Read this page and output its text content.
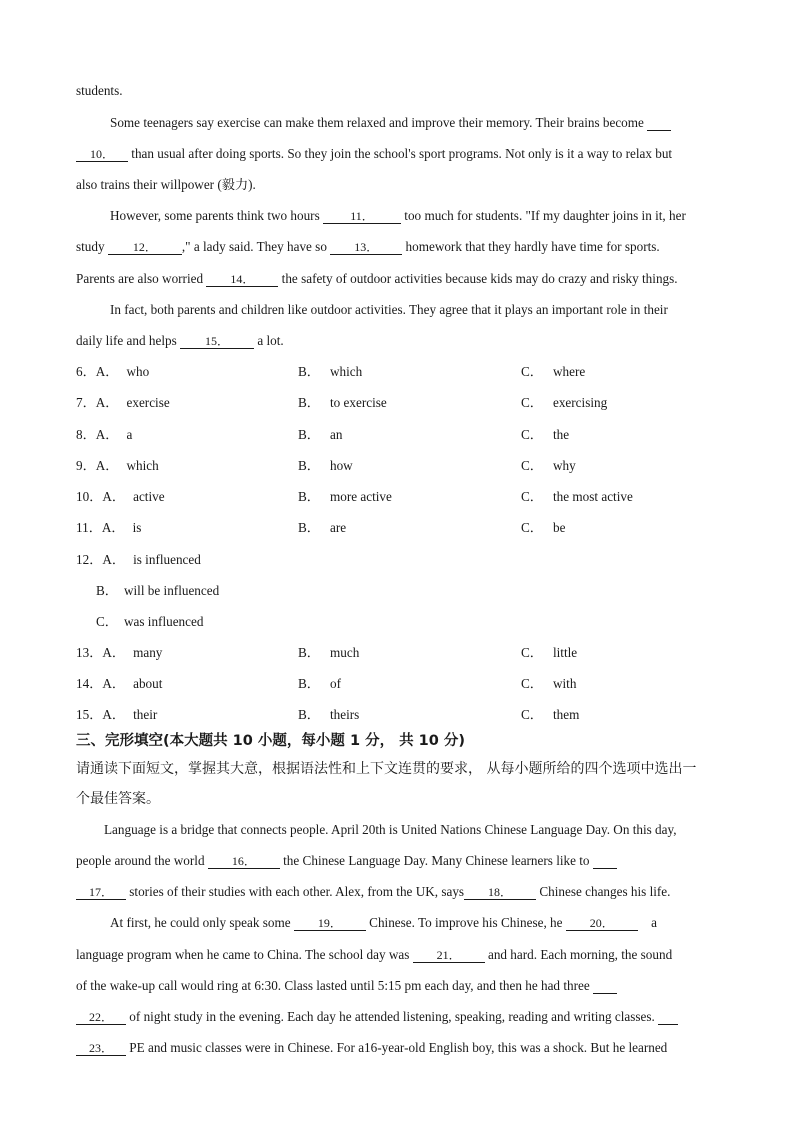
students.
Some teenagers say exercise can make them relaxed and improve their memory. Their brains become
10． than usual after doing sports. So they join the school's sport programs. Not only is it a way to relax but
also trains their willpower (毅力).
However, some parents think two hours	11． too much for students. "If my daughter joins in it, her
study 12． ," a lady said. They have so 13． homework that they hardly have time for sports.
Parents are also worried 14． the safety of outdoor activities because kids may do crazy and risky things.
In fact, both parents and children like outdoor activities. They agree that it plays an important role in their
daily life and helps 15． a lot.
6．A． who	B． which	C． where
7．A． exercise	B． to exercise	C． exercising
8．A． a	B． an	C． the
9．A． which	B． how	C． why
10．A． active	B． more active	C． the most active
11．A． is	B． are	C． be
12．A． is influenced
B． will be influenced
C． was influenced
13．A． many	B． much	C． little
14．A． about	B． of	C． with
15．A． their	B． theirs	C． them
三、完形填空(本大题共 10 小题，每小题 1 分， 共 10 分)
请通读下面短文，掌握其大意，根据语法性和上下文连贯的要求， 从每小题所给的四个选项中选出一
个最佳答案。
Language is a bridge that connects people. April 20th is United Nations Chinese Language Day. On this day,
people around the world 16． the Chinese Language Day. Many Chinese learners like to
17． stories of their studies with each other. Alex, from the UK, says 18． Chinese changes his life.
At first, he could only speak some 19． Chinese. To improve his Chinese, he 20．	a
language program when he came to China. The school day was 21． and hard. Each morning, the sound
of the wake-up call would ring at 6:30. Class lasted until 5:15 pm each day, and then he had three
22． of night study in the evening. Each day he attended listening, speaking, reading and writing classes.
23． PE and music classes were in Chinese. For a16-year-old English boy, this was a shock. But he learned
